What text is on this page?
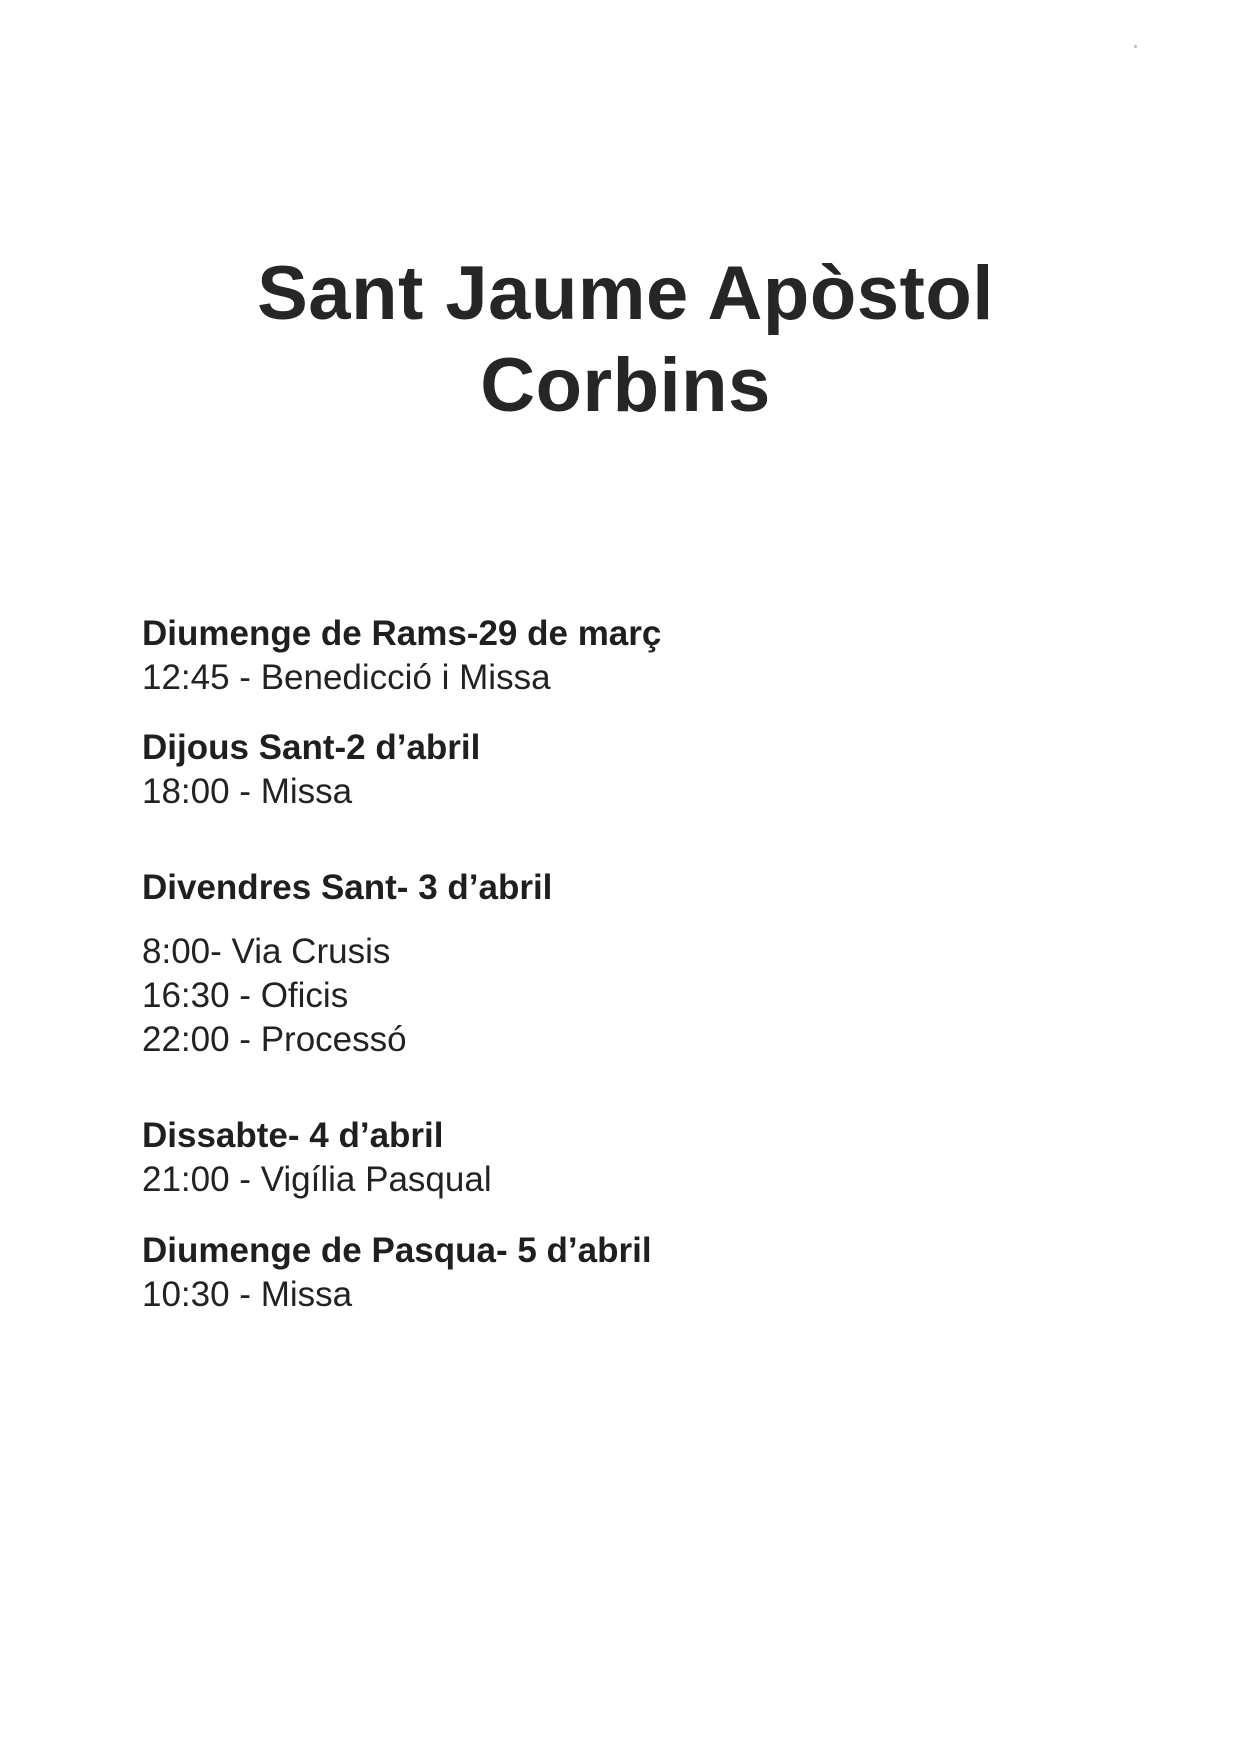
Sant Jaume Apòstol
Corbins
Diumenge de Rams-29 de març
12:45 - Benedicció i Missa
Dijous Sant-2 d’abril
18:00 - Missa
Divendres Sant- 3 d’abril
8:00- Via Crusis
16:30 - Oficis
22:00 - Processó
Dissabte- 4 d’abril
21:00 - Vigília Pasqual
Diumenge de Pasqua- 5 d’abril
10:30 - Missa
